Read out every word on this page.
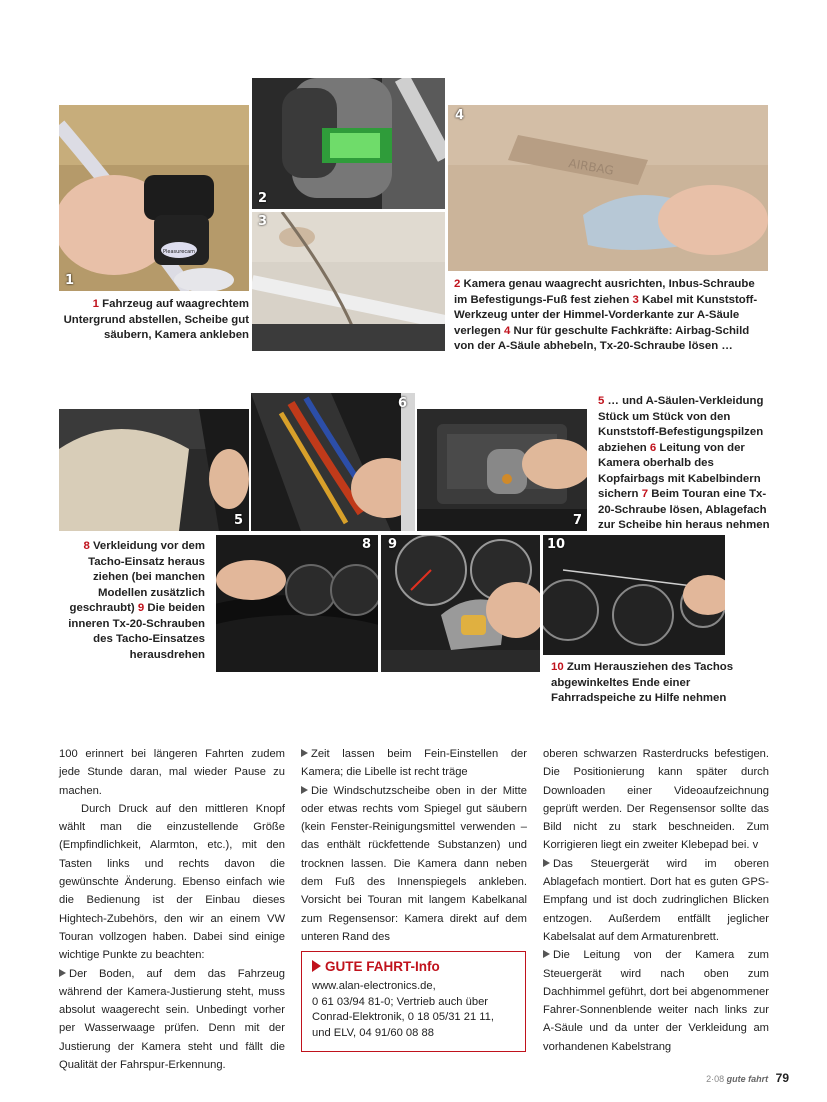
Pleasurecam
1
2
3
AIRBAG
4
5
6
7
8 9	10
1 Fahrzeug auf waagrechtem Untergrund abstellen, Scheibe gut säubern, Kamera ankleben
2 Kamera genau waagrecht ausrichten, Inbus-Schraube im Befestigungs-Fuß fest ziehen 3 Kabel mit Kunststoff-Werkzeug unter der Himmel-Vorderkante zur A-Säule verlegen 4 Nur für geschulte Fachkräfte: Airbag-Schild von der A-Säule abhebeln, Tx-20-Schraube lösen …
5 … und A-Säulen-Verkleidung Stück um Stück von den Kunststoff-Befestigungspilzen abziehen 6 Leitung von der Kamera oberhalb des Kopfairbags mit Kabelbindern sichern 7 Beim Touran eine Tx-20-Schraube lösen, Ablagefach zur Scheibe hin heraus nehmen
8 Verkleidung vor dem Tacho-Einsatz heraus ziehen (bei manchen Modellen zusätzlich geschraubt) 9 Die beiden inneren Tx-20-Schrauben des Tacho-Einsatzes herausdrehen
10 Zum Herausziehen des Tachos abgewinkeltes Ende einer Fahrradspeiche zu Hilfe nehmen

100 erinnert bei längeren Fahrten zudem jede Stunde daran, mal wieder Pause zu machen.

Durch Druck auf den mittleren Knopf wählt man die einzustellende Größe (Empfindlichkeit, Alarmton, etc.), mit den Tasten links und rechts davon die gewünschte Änderung. Ebenso einfach wie die Bedienung ist der Einbau dieses Hightech-Zubehörs, den wir an einem VW Touran vollzogen haben. Dabei sind einige wichtige Punkte zu beachten:

Der Boden, auf dem das Fahrzeug während der Kamera-Justierung steht, muss absolut waagerecht sein. Unbedingt vorher per Wasserwaage prüfen. Denn mit der Justierung der Kamera steht und fällt die Qualität der Fahrspur-Erkennung.

Zeit lassen beim Fein-Einstellen der Kamera; die Libelle ist recht träge

Die Windschutzscheibe oben in der Mitte oder etwas rechts vom Spiegel gut säubern (kein Fenster-Reinigungsmittel verwenden – das enthält rückfettende Substanzen) und trocknen lassen. Die Kamera dann neben dem Fuß des Innenspiegels ankleben. Vorsicht bei Touran mit langem Kabelkanal zum Regensensor: Kamera direkt auf dem unteren Rand des

GUTE FAHRT-Info
www.alan-electronics.de,
0 61 03/94 81-0; Vertrieb auch über Conrad-Elektronik, 0 18 05/31 21 11, und ELV, 04 91/60 08 88

oberen schwarzen Rasterdrucks befestigen. Die Positionierung kann später durch Downloaden einer Videoaufzeichnung geprüft werden. Der Regensensor sollte das Bild nicht zu stark beschneiden. Zum Korrigieren liegt ein zweiter Klebepad bei. v

Das Steuergerät wird im oberen Ablagefach montiert. Dort hat es guten GPS-Empfang und ist doch zudringlichen Blicken entzogen. Außerdem entfällt jeglicher Kabelsalat auf dem Armaturenbrett.

Die Leitung von der Kamera zum Steuergerät wird nach oben zum Dachhimmel geführt, dort bei abgenommener Fahrer-Sonnenblende weiter nach links zur A-Säule und da unter der Verkleidung am vorhandenen Kabelstrang

2·08 gute fahrt 79
